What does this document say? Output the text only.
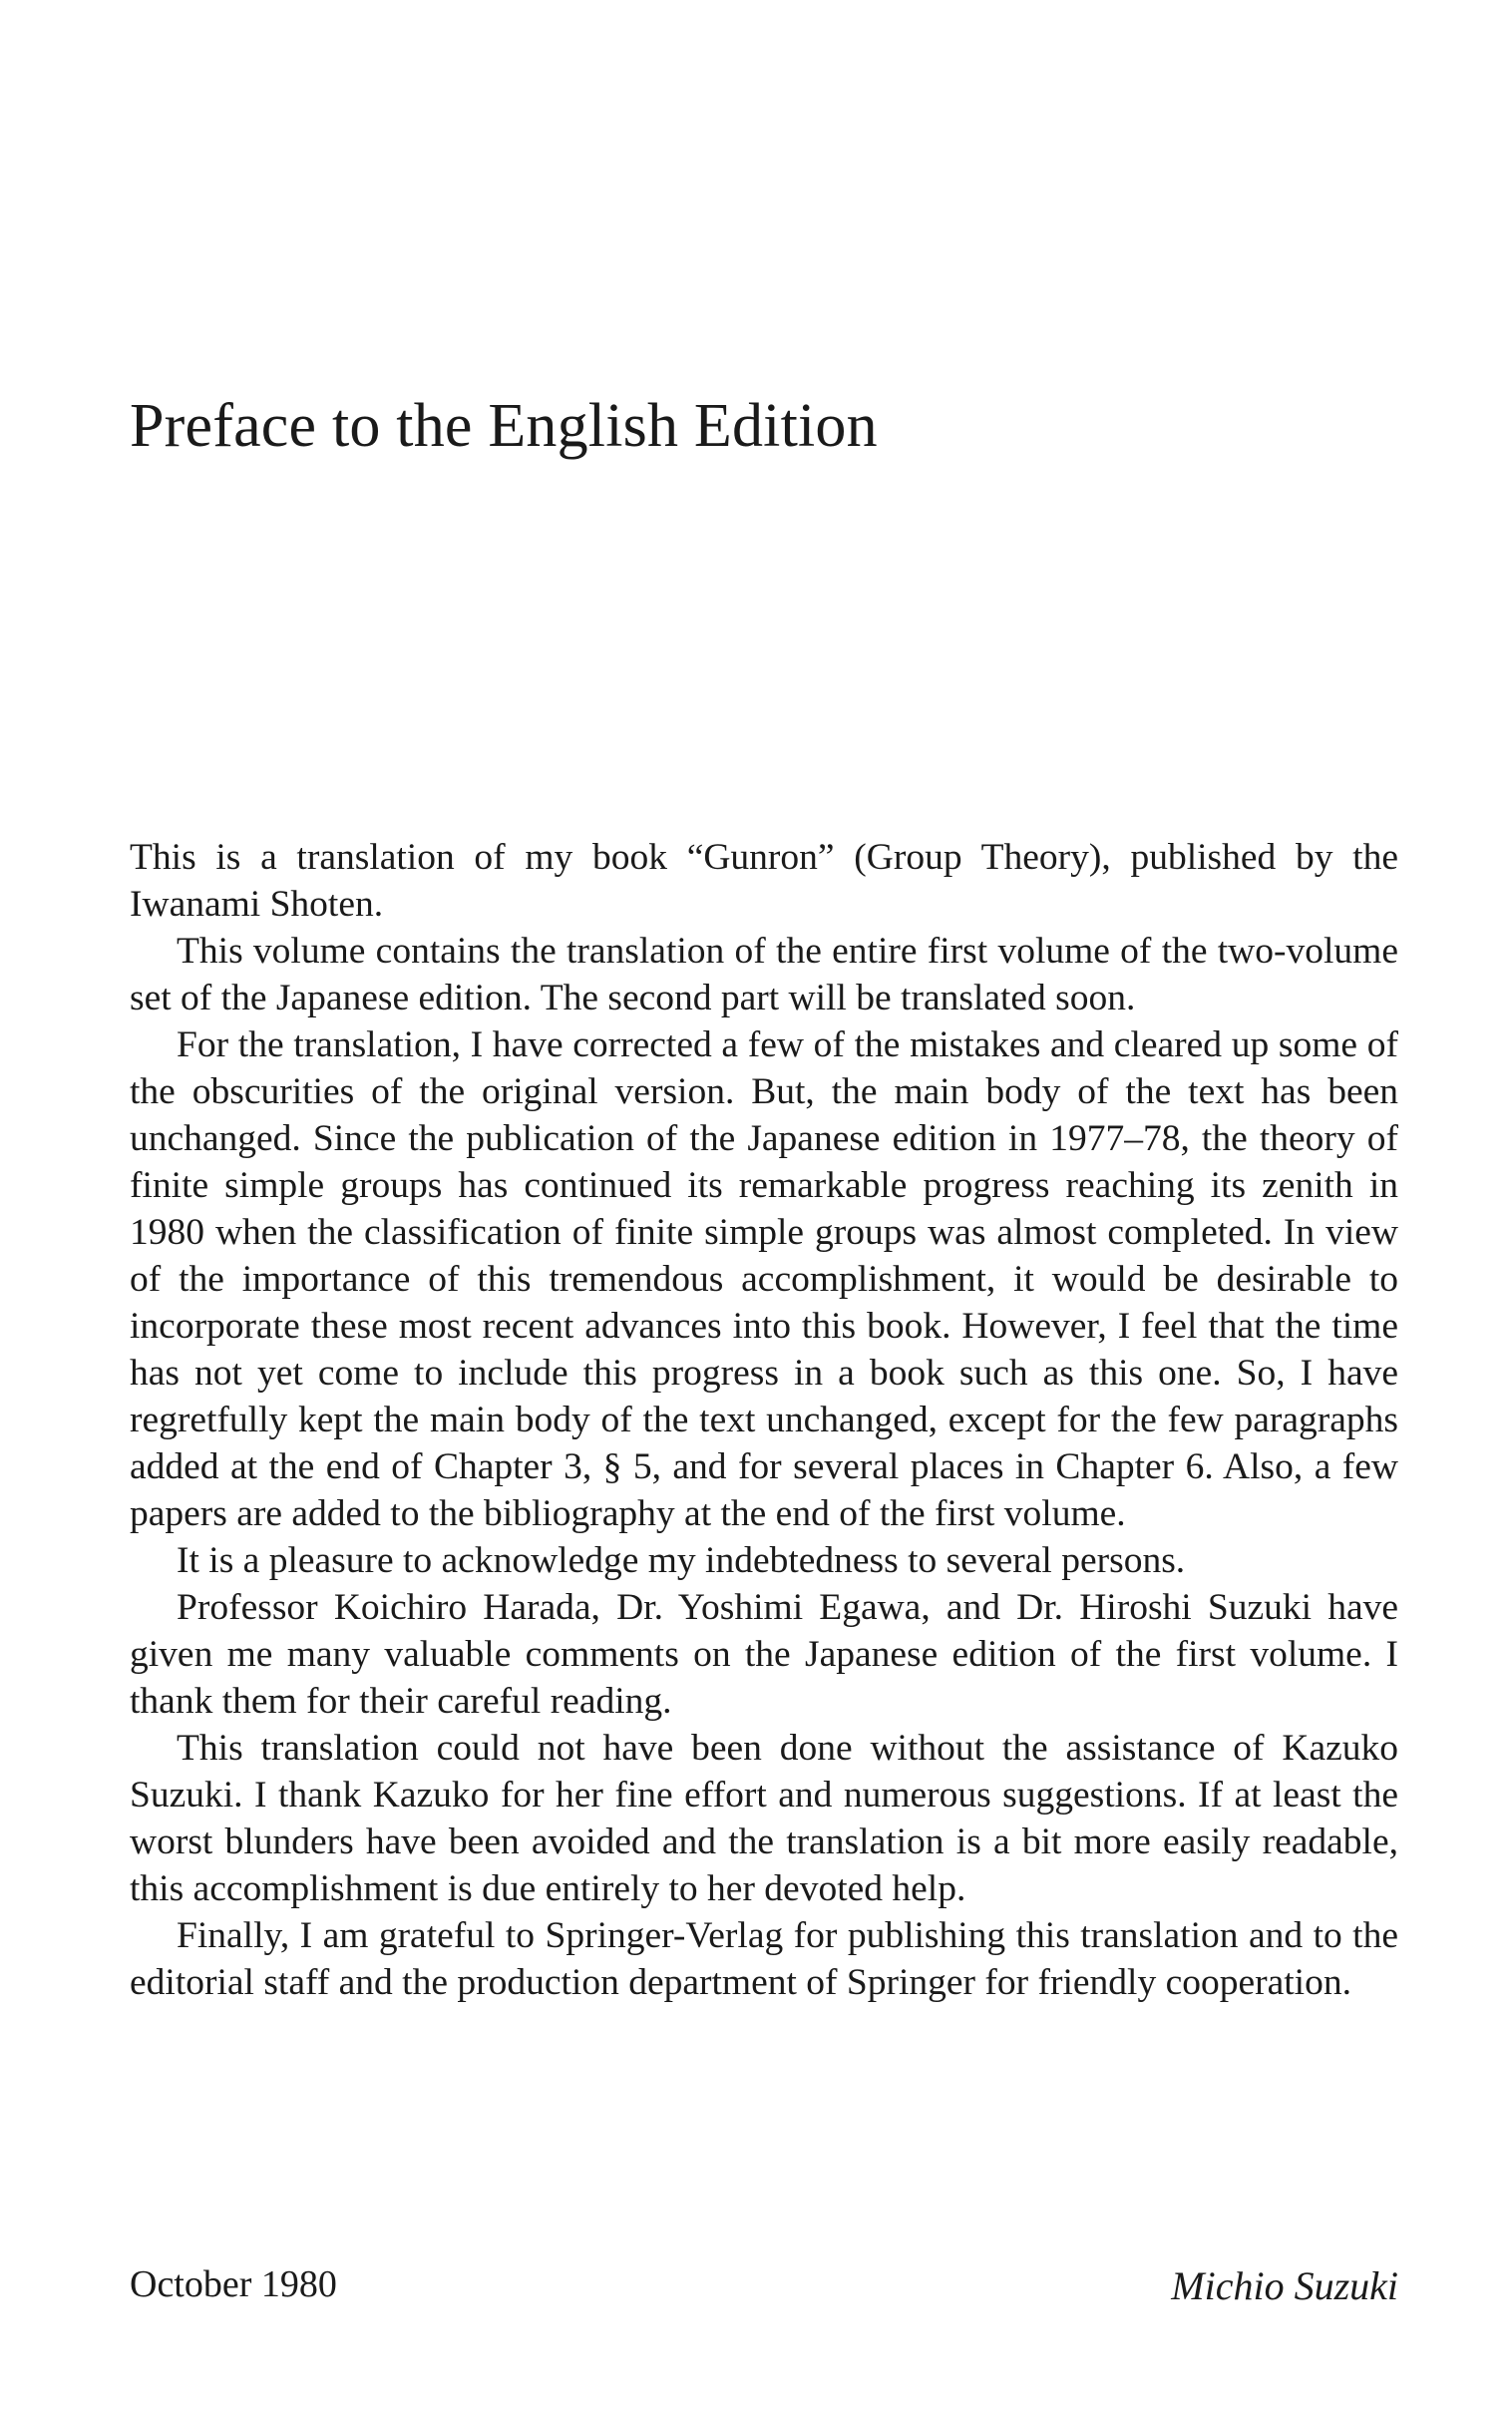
Preface to the English Edition

This is a translation of my book “Gunron” (Group Theory), published by the Iwanami Shoten.

This volume contains the translation of the entire first volume of the two-volume set of the Japanese edition. The second part will be translated soon.

For the translation, I have corrected a few of the mistakes and cleared up some of the obscurities of the original version. But, the main body of the text has been unchanged. Since the publication of the Japanese edition in 1977–78, the theory of finite simple groups has continued its remarkable progress reaching its zenith in 1980 when the classification of finite simple groups was almost completed. In view of the importance of this tremendous accomplishment, it would be desirable to incorporate these most recent advances into this book. However, I feel that the time has not yet come to include this progress in a book such as this one. So, I have regretfully kept the main body of the text unchanged, except for the few paragraphs added at the end of Chapter 3, § 5, and for several places in Chapter 6. Also, a few papers are added to the bibliography at the end of the first volume.

It is a pleasure to acknowledge my indebtedness to several persons.

Professor Koichiro Harada, Dr. Yoshimi Egawa, and Dr. Hiroshi Suzuki have given me many valuable comments on the Japanese edition of the first volume. I thank them for their careful reading.

This translation could not have been done without the assistance of Kazuko Suzuki. I thank Kazuko for her fine effort and numerous suggestions. If at least the worst blunders have been avoided and the translation is a bit more easily readable, this accomplishment is due entirely to her devoted help.

Finally, I am grateful to Springer-Verlag for publishing this translation and to the editorial staff and the production department of Springer for friendly cooperation.

October 1980	Michio Suzuki
